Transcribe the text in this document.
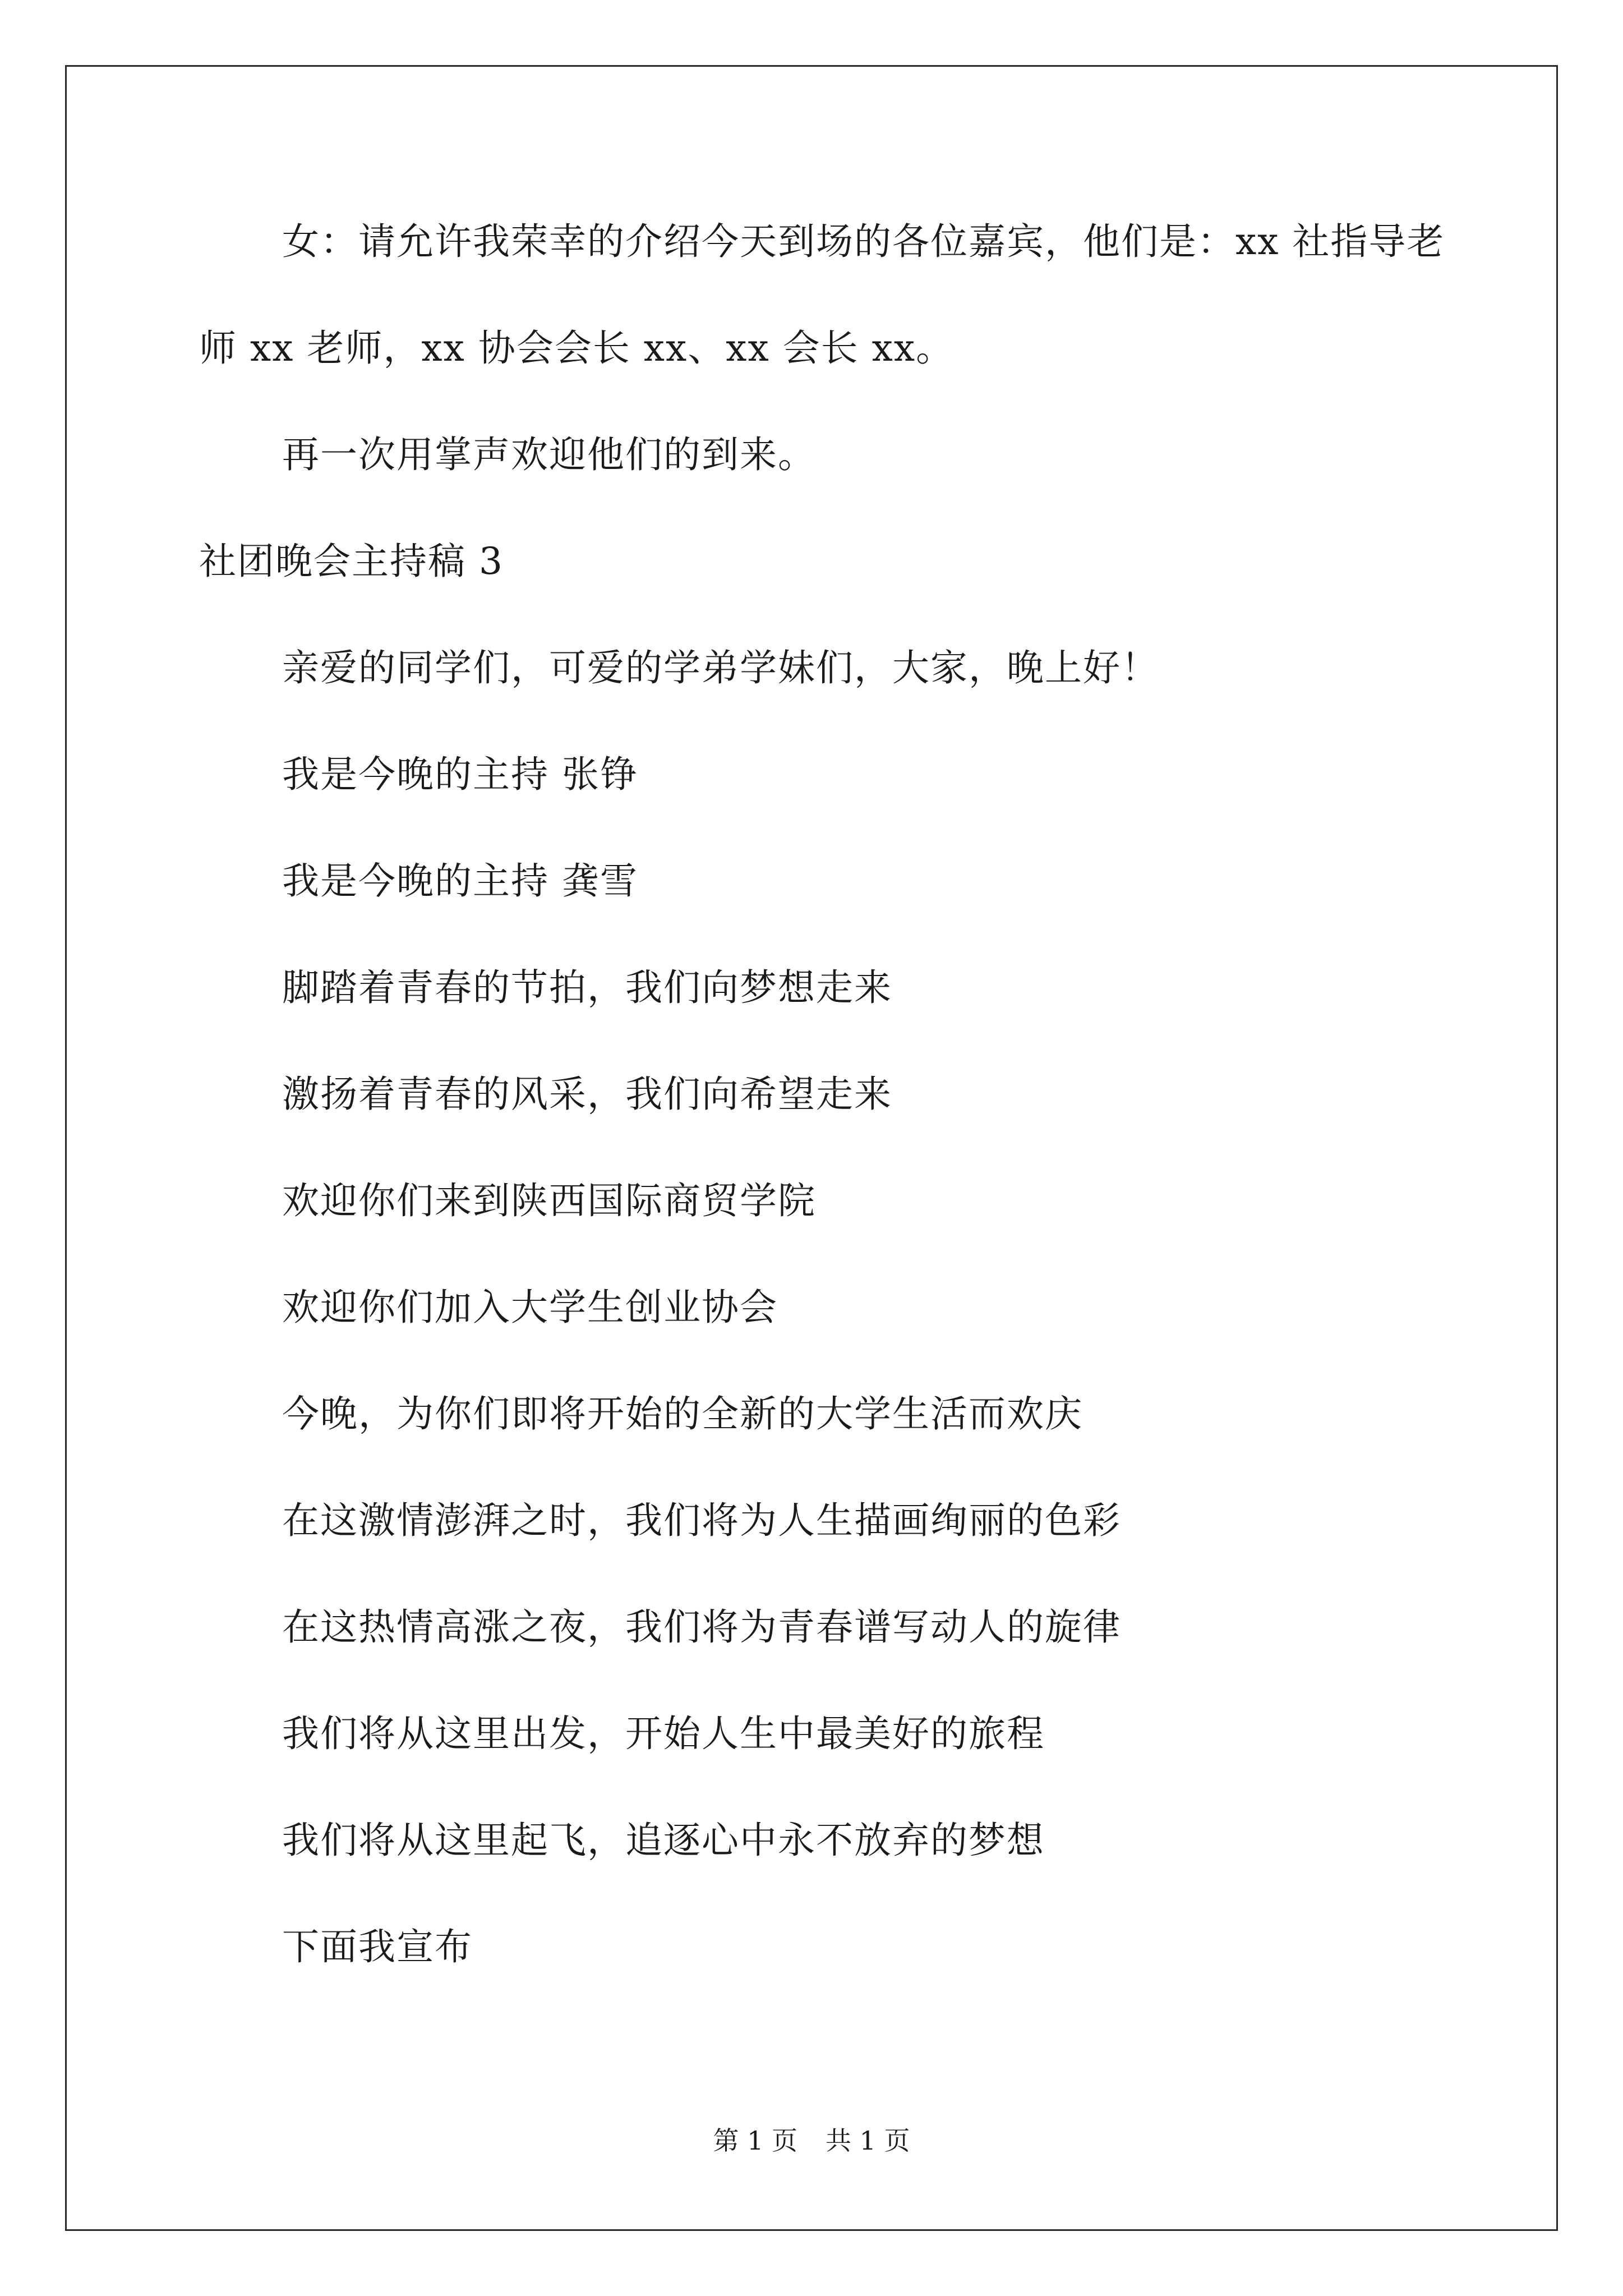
女：请允许我荣幸的介绍今天到场的各位嘉宾，他们是：xx 社指导老师 xx 老师，xx 协会会长 xx、xx 会长 xx。

再一次用掌声欢迎他们的到来。

社团晚会主持稿 3

亲爱的同学们，可爱的学弟学妹们，大家，晚上好！

我是今晚的主持 张铮

我是今晚的主持 龚雪

脚踏着青春的节拍，我们向梦想走来

激扬着青春的风采，我们向希望走来

欢迎你们来到陕西国际商贸学院

欢迎你们加入大学生创业协会

今晚，为你们即将开始的全新的大学生活而欢庆

在这激情澎湃之时，我们将为人生描画绚丽的色彩

在这热情高涨之夜，我们将为青春谱写动人的旋律

我们将从这里出发，开始人生中最美好的旅程

我们将从这里起飞，追逐心中永不放弃的梦想

下面我宣布

第 1 页 共 1 页
